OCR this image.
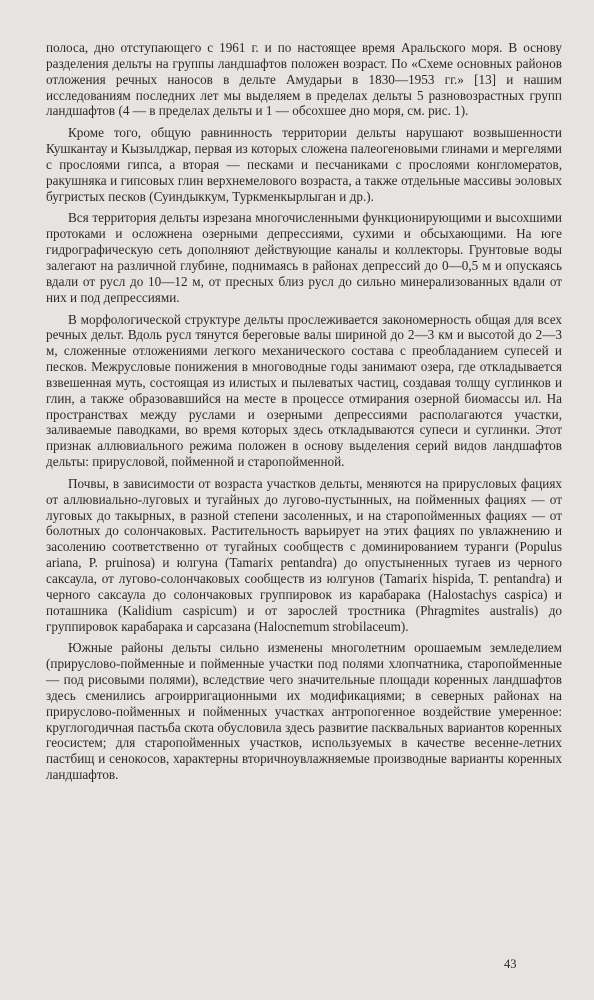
полоса, дно отступающего с 1961 г. и по настоящее время Аральского моря. В основу разделения дельты на группы ландшафтов положен возраст. По «Схеме основных районов отложения речных наносов в дельте Амударьи в 1830—1953 гг.» [13] и нашим исследованиям последних лет мы выделяем в пределах дельты 5 разновозрастных групп ландшафтов (4 — в пределах дельты и 1 — обсохшее дно моря, см. рис. 1).

Кроме того, общую равнинность территории дельты нарушают возвышенности Кушкантау и Кызылджар, первая из которых сложена палеогеновыми глинами и мергелями с прослоями гипса, а вторая — песками и песчаниками с прослоями конгломератов, ракушняка и гипсовых глин верхнемелового возраста, а также отдельные массивы эоловых бугристых песков (Суиндыккум, Туркменкырлыган и др.).

Вся территория дельты изрезана многочисленными функционирующими и высохшими протоками и осложнена озерными депрессиями, сухими и обсыхающими. На юге гидрографическую сеть дополняют действующие каналы и коллекторы. Грунтовые воды залегают на различной глубине, поднимаясь в районах депрессий до 0—0,5 м и опускаясь вдали от русл до 10—12 м, от пресных близ русл до сильно минерализованных вдали от них и под депрессиями.

В морфологической структуре дельты прослеживается закономерность общая для всех речных дельт. Вдоль русл тянутся береговые валы шириной до 2—3 км и высотой до 2—3 м, сложенные отложениями легкого механического состава с преобладанием супесей и песков. Межрусловые понижения в многоводные годы занимают озера, где откладывается взвешенная муть, состоящая из илистых и пылеватых частиц, создавая толщу суглинков и глин, а также образовавшийся на месте в процессе отмирания озерной биомассы ил. На пространствах между руслами и озерными депрессиями располагаются участки, заливаемые паводками, во время которых здесь откладываются супеси и суглинки. Этот признак аллювиального режима положен в основу выделения серий видов ландшафтов дельты: прирусловой, пойменной и старопойменной.

Почвы, в зависимости от возраста участков дельты, меняются на прирусловых фациях от аллювиально-луговых и тугайных до лугово-пустынных, на пойменных фациях — от луговых до такырных, в разной степени засоленных, и на старопойменных фациях — от болотных до солончаковых. Растительность варьирует на этих фациях по увлажнению и засолению соответственно от тугайных сообществ с доминированием туранги (Populus ariana, P. pruinosa) и юлгуна (Tamarix pentandra) до опустыненных тугаев из черного саксаула, от лугово-солончаковых сообществ из юлгунов (Tamarix hispida, T. pentandra) и черного саксаула до солончаковых группировок из карабарака (Halostachys caspica) и поташника (Kalidium caspicum) и от зарослей тростника (Phragmites australis) до группировок карабарака и сарсазана (Halocnemum strobilaceum).

Южные районы дельты сильно изменены многолетним орошаемым земледелием (прирусловo-пойменные и пойменные участки под полями хлопчатника, старопойменные — под рисовыми полями), вследствие чего значительные площади коренных ландшафтов здесь сменились агроирригационными их модификациями; в северных районах на прирусловo-пойменных и пойменных участках антропогенное воздействие умеренное: круглогодичная пастьба скота обусловила здесь развитие пасквальных вариантов коренных геосистем; для старопойменных участков, используемых в качестве весенне-летних пастбищ и сенокосов, характерны вторичноувлажняемые производные варианты коренных ландшафтов.

43
